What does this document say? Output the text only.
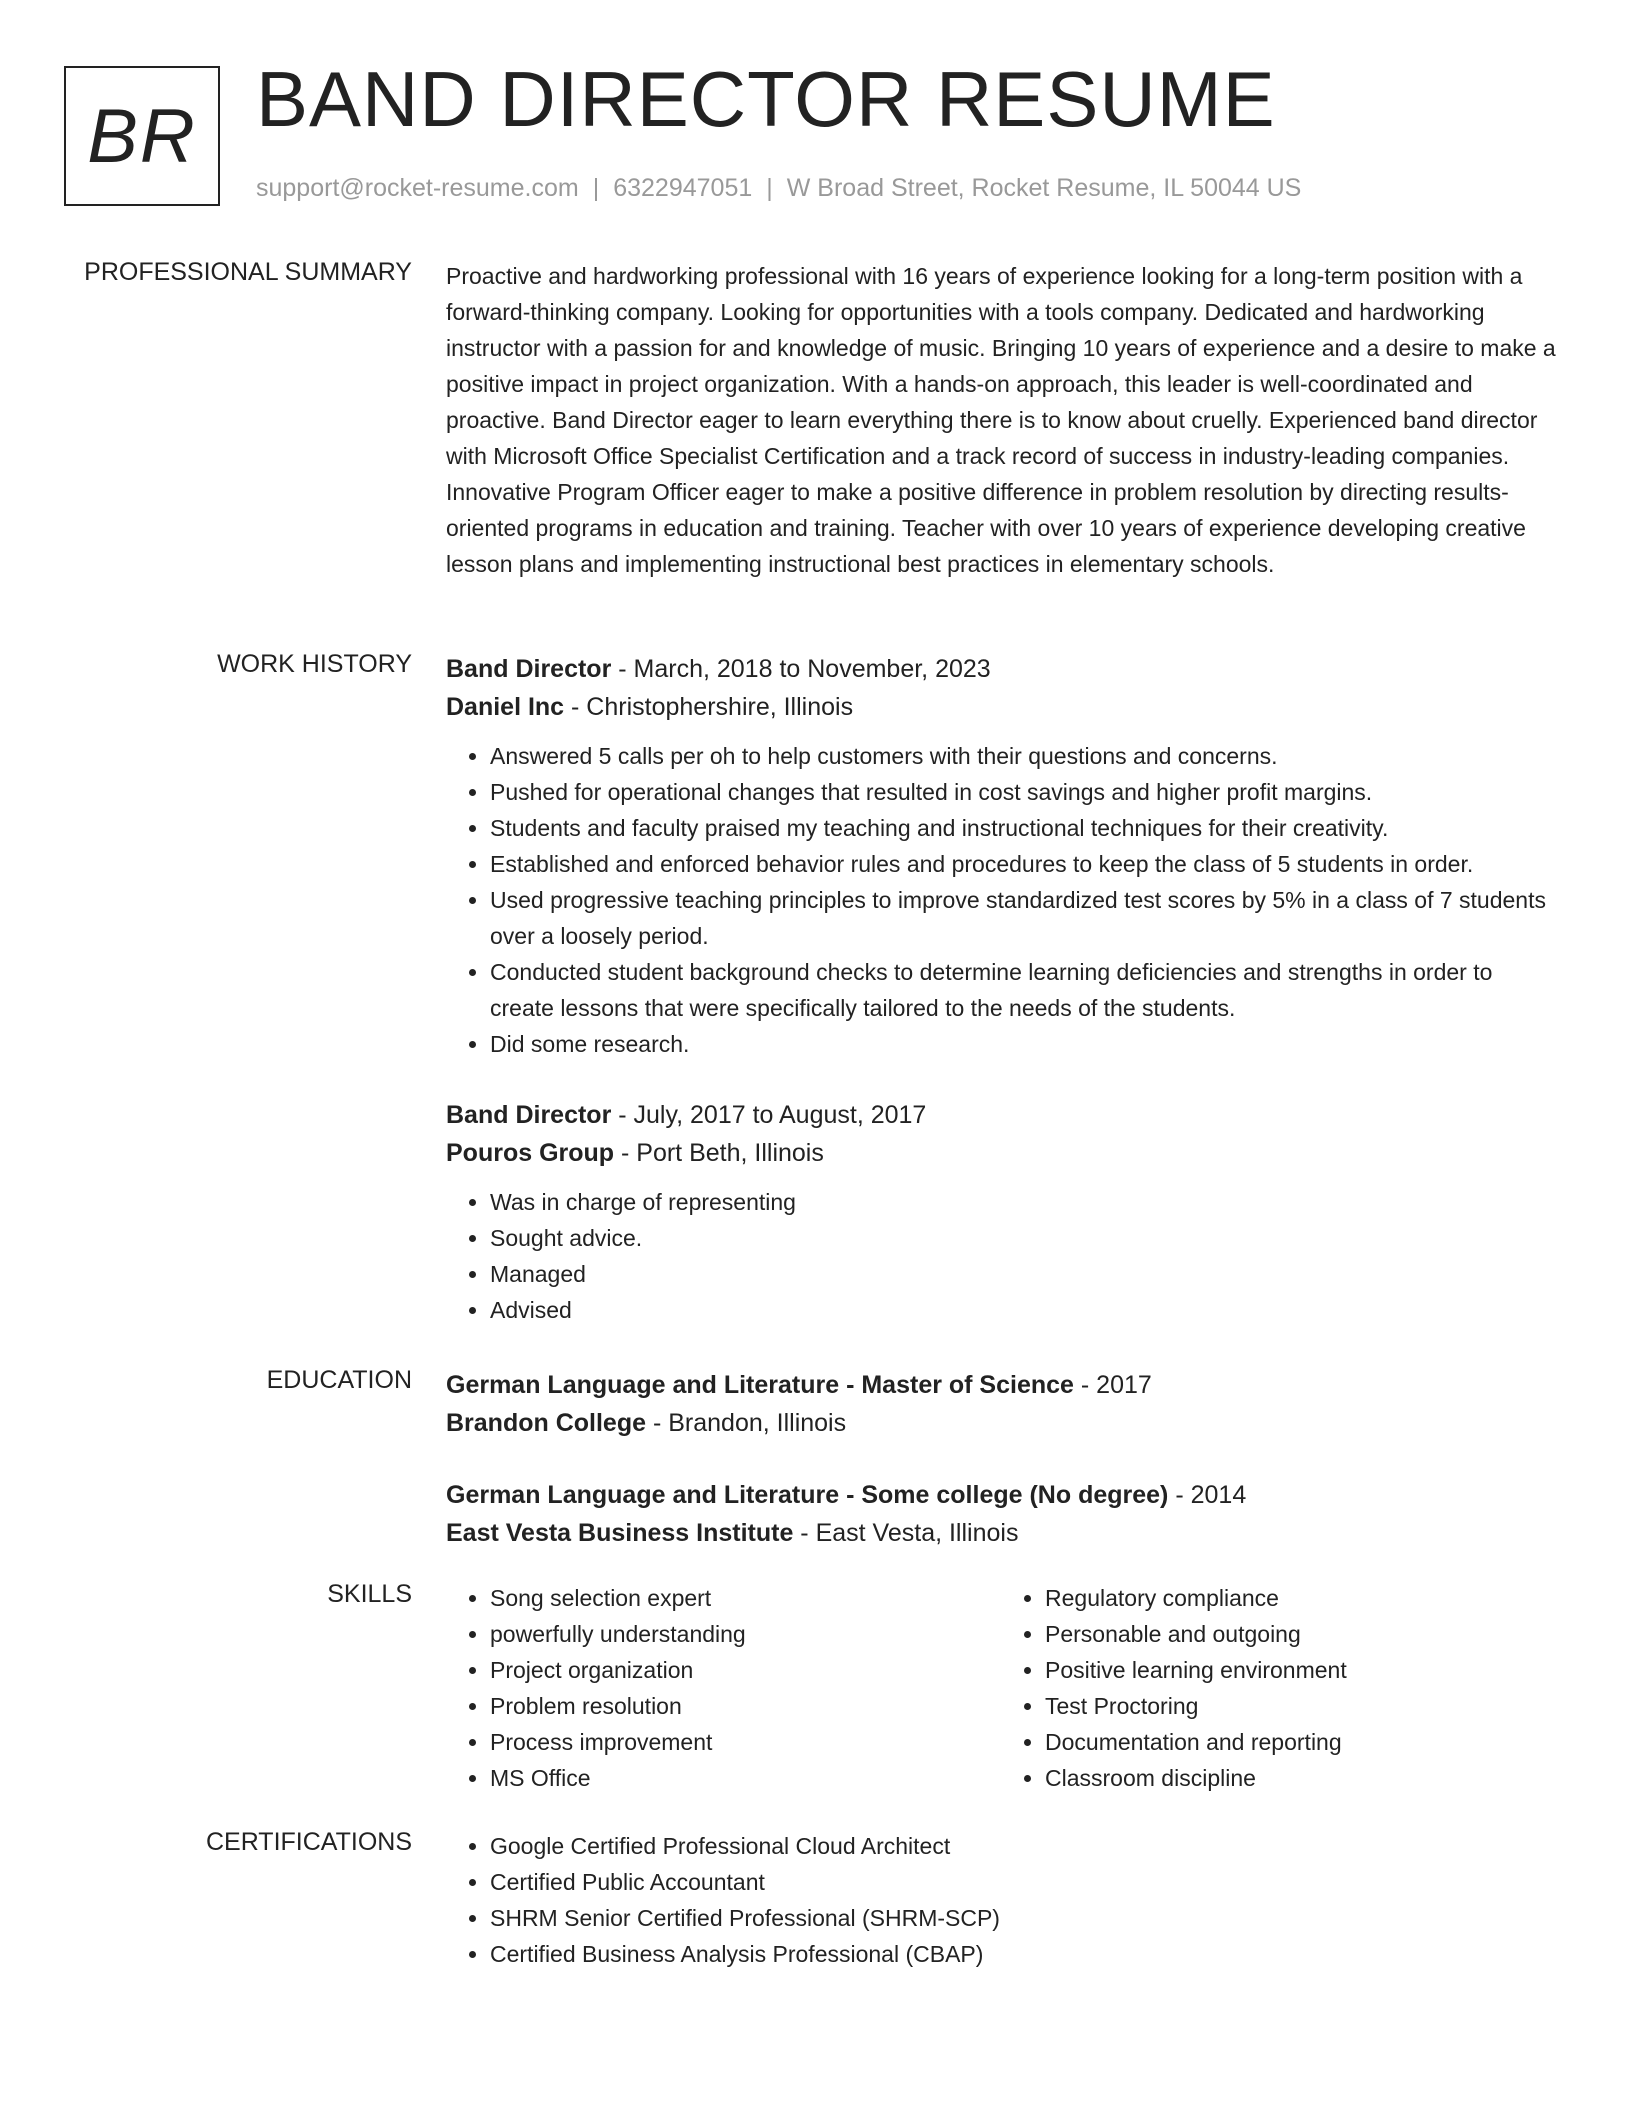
BR BAND DIRECTOR RESUME
support@rocket-resume.com | 6322947051 | W Broad Street, Rocket Resume, IL 50044 US
PROFESSIONAL SUMMARY Proactive and hardworking professional with 16 years of experience looking for a long-term position with a forward-thinking company. Looking for opportunities with a tools company. Dedicated and hardworking instructor with a passion for and knowledge of music. Bringing 10 years of experience and a desire to make a positive impact in project organization. With a hands-on approach, this leader is well-coordinated and proactive. Band Director eager to learn everything there is to know about cruelly. Experienced band director with Microsoft Office Specialist Certification and a track record of success in industry-leading companies. Innovative Program Officer eager to make a positive difference in problem resolution by directing results-oriented programs in education and training. Teacher with over 10 years of experience developing creative lesson plans and implementing instructional best practices in elementary schools.

WORK HISTORY Band Director - March, 2018 to November, 2023
Daniel Inc - Christophershire, Illinois
• Answered 5 calls per oh to help customers with their questions and concerns.
• Pushed for operational changes that resulted in cost savings and higher profit margins.
• Students and faculty praised my teaching and instructional techniques for their creativity.
• Established and enforced behavior rules and procedures to keep the class of 5 students in order.
• Used progressive teaching principles to improve standardized test scores by 5% in a class of 7 students over a loosely period.
• Conducted student background checks to determine learning deficiencies and strengths in order to create lessons that were specifically tailored to the needs of the students.
• Did some research.
Band Director - July, 2017 to August, 2017
Pouros Group - Port Beth, Illinois
• Was in charge of representing
• Sought advice.
• Managed
• Advised
EDUCATION German Language and Literature - Master of Science - 2017
Brandon College - Brandon, Illinois
German Language and Literature - Some college (No degree) - 2014
East Vesta Business Institute - East Vesta, Illinois
SKILLS	• Song selection expert
• powerfully understanding
• Project organization
• Problem resolution
• Process improvement
• MS Office
• Regulatory compliance
• Personable and outgoing
• Positive learning environment
• Test Proctoring
• Documentation and reporting
• Classroom discipline
CERTIFICATIONS	• Google Certified Professional Cloud Architect
• Certified Public Accountant
• SHRM Senior Certified Professional (SHRM-SCP)
• Certified Business Analysis Professional (CBAP)
